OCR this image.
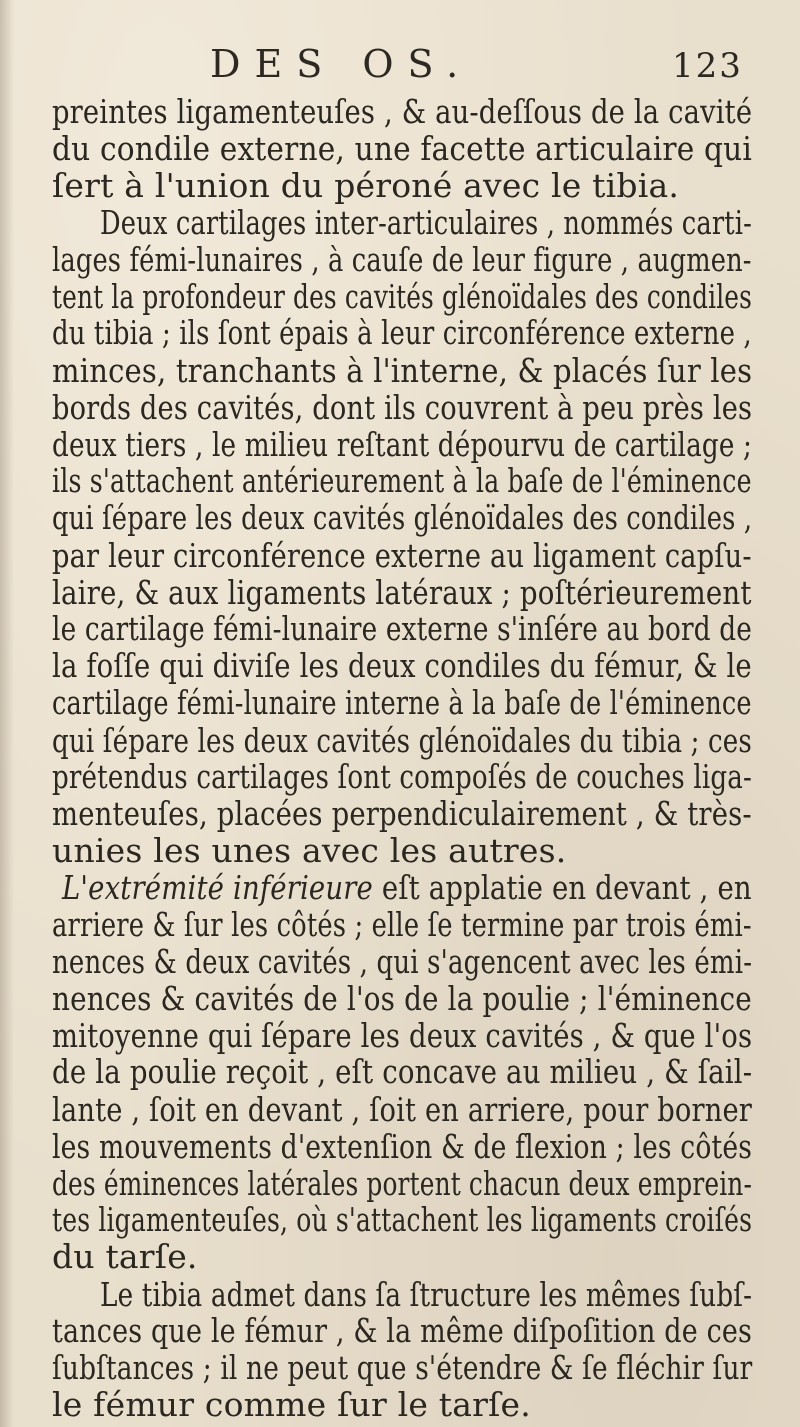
DES OS.	123
preintes ligamenteuſes , & au-deſſous de la cavité
du condile externe, une facette articulaire qui
ſert à l'union du péroné avec le tibia.
Deux cartilages inter-articulaires , nommés carti-
lages fémi-lunaires , à cauſe de leur figure , augmen-
tent la profondeur des cavités glénoïdales des condiles
du tibia ; ils ſont épais à leur circonférence externe ,
minces, tranchants à l'interne, & placés ſur les
bords des cavités, dont ils couvrent à peu près les
deux tiers , le milieu reſtant dépourvu de cartilage ;
ils s'attachent antérieurement à la baſe de l'éminence
qui ſépare les deux cavités glénoïdales des condiles ,
par leur circonférence externe au ligament capſu-
laire, & aux ligaments latéraux ; poſtérieurement
le cartilage fémi-lunaire externe s'inſére au bord de
la foſſe qui diviſe les deux condiles du fémur, & le
cartilage fémi-lunaire interne à la baſe de l'éminence
qui ſépare les deux cavités glénoïdales du tibia ; ces
prétendus cartilages ſont compoſés de couches liga-
menteuſes, placées perpendiculairement , & très-
unies les unes avec les autres.
L'extrémité inférieure eſt applatie en devant , en
arriere & ſur les côtés ; elle ſe termine par trois émi-
nences & deux cavités , qui s'agencent avec les émi-
nences & cavités de l'os de la poulie ; l'éminence
mitoyenne qui ſépare les deux cavités , & que l'os
de la poulie reçoit , eſt concave au milieu , & ſail-
lante , ſoit en devant , ſoit en arriere, pour borner
les mouvements d'extenſion & de flexion ; les côtés
des éminences latérales portent chacun deux emprein-
tes ligamenteuſes, où s'attachent les ligaments croiſés
du tarſe.
Le tibia admet dans ſa ſtructure les mêmes ſubſ-
tances que le fémur , & la même diſpoſition de ces
ſubſtances ; il ne peut que s'étendre & ſe fléchir ſur
le fémur comme ſur le tarſe.
